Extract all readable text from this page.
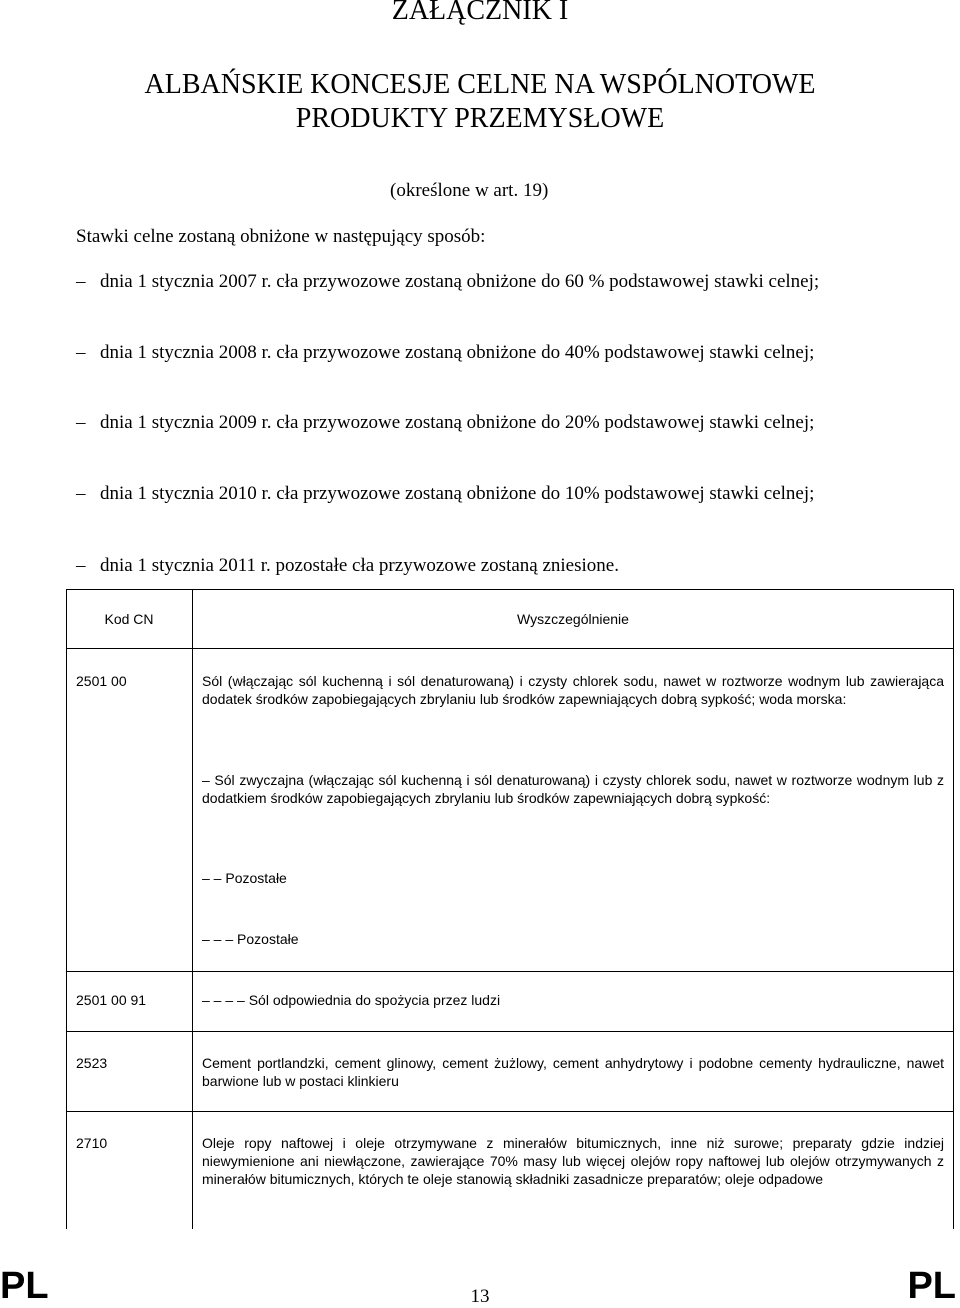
ZAŁĄCZNIK I
ALBAŃSKIE KONCESJE CELNE NA WSPÓLNOTOWE
PRODUKTY PRZEMYSŁOWE
(określone w art. 19)
Stawki celne zostaną obniżone w następujący sposób:
– dnia 1 stycznia 2007 r. cła przywozowe zostaną obniżone do 60 % podstawowej stawki celnej;
– dnia 1 stycznia 2008 r. cła przywozowe zostaną obniżone do 40% podstawowej stawki celnej;
– dnia 1 stycznia 2009 r. cła przywozowe zostaną obniżone do 20% podstawowej stawki celnej;
– dnia 1 stycznia 2010 r. cła przywozowe zostaną obniżone do 10% podstawowej stawki celnej;
– dnia 1 stycznia 2011 r. pozostałe cła przywozowe zostaną zniesione.
Kod CN	Wyszczególnienie
2501 00	Sól (włączając sól kuchenną i sól denaturowaną) i czysty chlorek sodu, nawet w roztworze wodnym lub zawierająca dodatek środków zapobiegających zbrylaniu lub środków zapewniających dobrą sypkość; woda morska:
– Sól zwyczajna (włączając sól kuchenną i sól denaturowaną) i czysty chlorek sodu, nawet w roztworze wodnym lub z dodatkiem środków zapobiegających zbrylaniu lub środków zapewniających dobrą sypkość:
– – Pozostałe
– – – Pozostałe
2501 00 91	– – – – Sól odpowiednia do spożycia przez ludzi
2523	Cement portlandzki, cement glinowy, cement żużlowy, cement anhydrytowy i podobne cementy hydrauliczne, nawet barwione lub w postaci klinkieru
2710	Oleje ropy naftowej i oleje otrzymywane z minerałów bitumicznych, inne niż surowe; preparaty gdzie indziej niewymienione ani niewłączone, zawierające 70% masy lub więcej olejów ropy naftowej lub olejów otrzymywanych z minerałów bitumicznych, których te oleje stanowią składniki zasadnicze preparatów; oleje odpadowe
PL	13	PL
